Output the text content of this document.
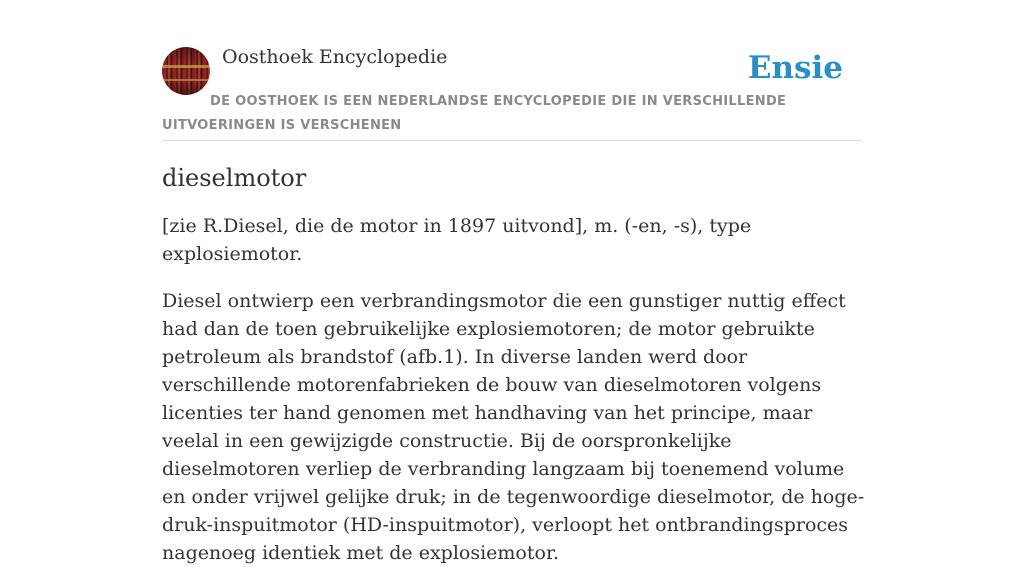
Oosthoek Encyclopedie	Ensie
DE OOSTHOEK IS EEN NEDERLANDSE ENCYCLOPEDIE DIE IN VERSCHILLENDE UITVOERINGEN IS VERSCHENEN
dieselmotor

[zie R.Diesel, die de motor in 1897 uitvond], m. (-en, -s), type explosiemotor.

Diesel ontwierp een verbrandingsmotor die een gunstiger nuttig effect had dan de toen gebruikelijke explosiemotoren; de motor gebruikte petroleum als brandstof (afb.1). In diverse landen werd door verschillende motorenfabrieken de bouw van dieselmotoren volgens licenties ter hand genomen met handhaving van het principe, maar veelal in een gewijzigde constructie. Bij de oorspronkelijke dieselmotoren verliep de verbranding langzaam bij toenemend volume en onder vrijwel gelijke druk; in de tegenwoordige dieselmotor, de hoge-druk-inspuitmotor (HD-inspuitmotor), verloopt het ontbrandingsproces nagenoeg identiek met de explosiemotor.
